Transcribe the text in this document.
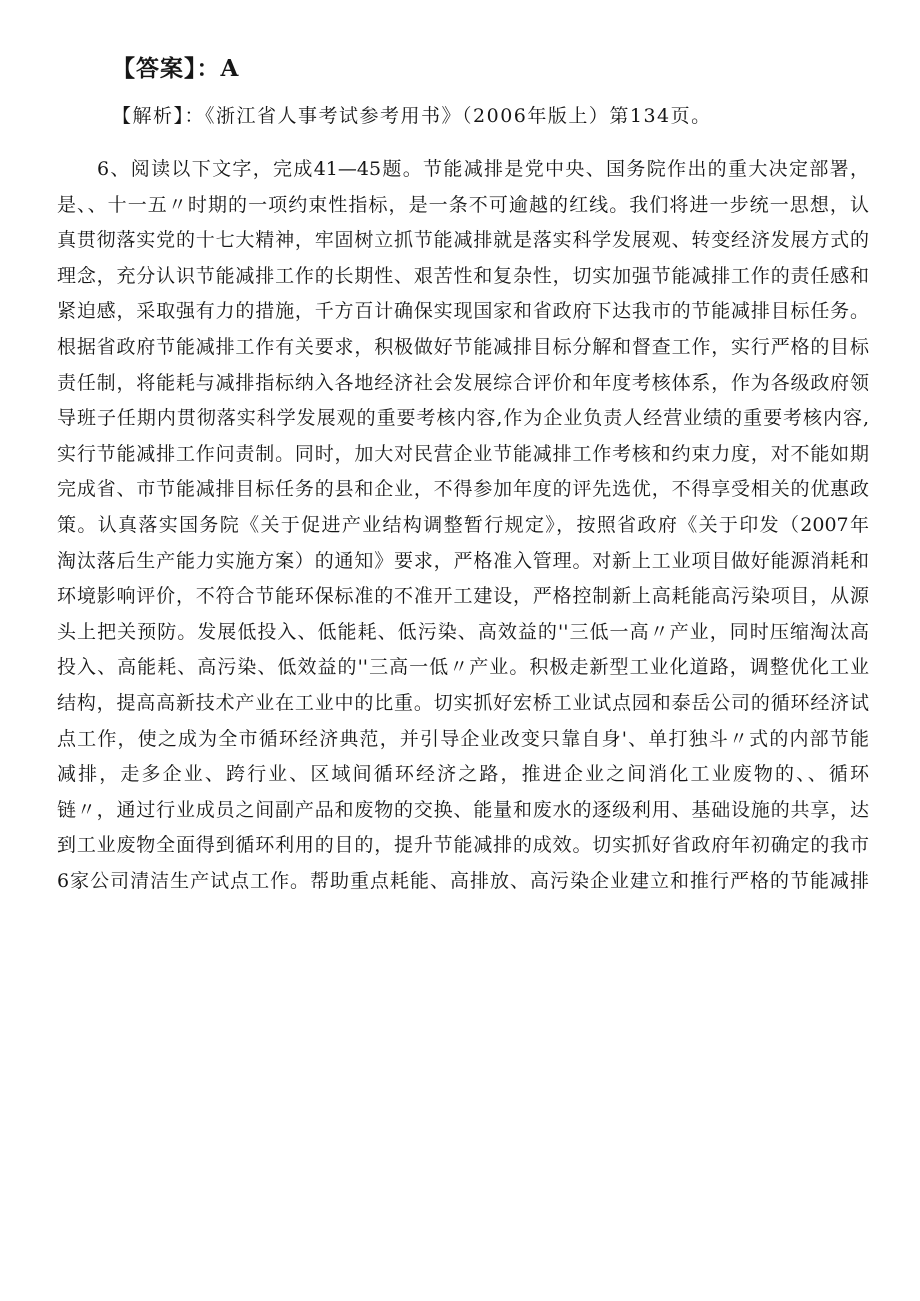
【答案】：A
【解析】：《浙江省人事考试参考用书》（2006年版上）第134页。
6、阅读以下文字，完成41—45题。节能减排是党中央、国务院作出的重大决定部署，
是、、十一五〃时期的一项约束性指标，是一条不可逾越的红线。我们将进一步统一思想，认
真贯彻落实党的十七大精神，牢固树立抓节能减排就是落实科学发展观、转变经济发展方式的
理念，充分认识节能减排工作的长期性、艰苦性和复杂性，切实加强节能减排工作的责任感和
紧迫感，采取强有力的措施，千方百计确保实现国家和省政府下达我市的节能减排目标任务。
根据省政府节能减排工作有关要求，积极做好节能减排目标分解和督查工作，实行严格的目标
责任制，将能耗与减排指标纳入各地经济社会发展综合评价和年度考核体系，作为各级政府领
导班子任期内贯彻落实科学发展观的重要考核内容,作为企业负责人经营业绩的重要考核内容,
实行节能减排工作问责制。同时，加大对民营企业节能减排工作考核和约束力度，对不能如期
完成省、市节能减排目标任务的县和企业，不得参加年度的评先选优，不得享受相关的优惠政
策。认真落实国务院《关于促进产业结构调整暂行规定》，按照省政府《关于印发（2007年
淘汰落后生产能力实施方案）的通知》要求，严格准入管理。对新上工业项目做好能源消耗和
环境影响评价，不符合节能环保标准的不准开工建设，严格控制新上高耗能高污染项目，从源
头上把关预防。发展低投入、低能耗、低污染、高效益的''三低一高〃产业，同时压缩淘汰高
投入、高能耗、高污染、低效益的''三高一低〃产业。积极走新型工业化道路，调整优化工业
结构，提高高新技术产业在工业中的比重。切实抓好宏桥工业试点园和泰岳公司的循环经济试
点工作，使之成为全市循环经济典范，并引导企业改变只靠自身'、单打独斗〃式的内部节能
减排，走多企业、跨行业、区域间循环经济之路，推进企业之间消化工业废物的、、循环
链〃，通过行业成员之间副产品和废物的交换、能量和废水的逐级利用、基础设施的共享，达
到工业废物全面得到循环利用的目的，提升节能减排的成效。切实抓好省政府年初确定的我市
6家公司清洁生产试点工作。帮助重点耗能、高排放、高污染企业建立和推行严格的节能减排
